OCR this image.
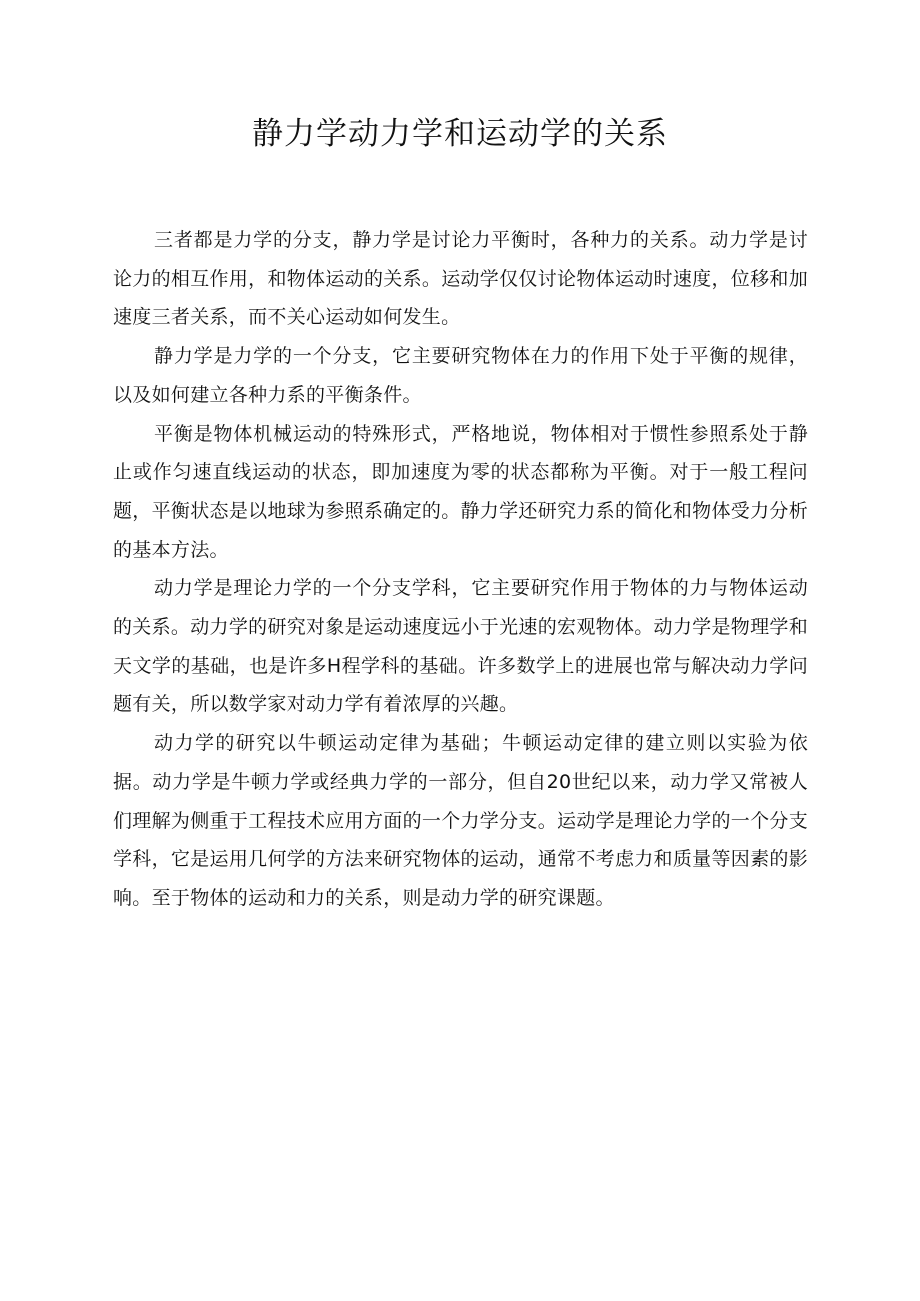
静力学动力学和运动学的关系

三者都是力学的分支，静力学是讨论力平衡时，各种力的关系。动力学是讨论力的相互作用，和物体运动的关系。运动学仅仅讨论物体运动时速度，位移和加速度三者关系，而不关心运动如何发生。

静力学是力学的一个分支，它主要研究物体在力的作用下处于平衡的规律，以及如何建立各种力系的平衡条件。

平衡是物体机械运动的特殊形式，严格地说，物体相对于惯性参照系处于静止或作匀速直线运动的状态，即加速度为零的状态都称为平衡。对于一般工程问题，平衡状态是以地球为参照系确定的。静力学还研究力系的简化和物体受力分析的基本方法。

动力学是理论力学的一个分支学科，它主要研究作用于物体的力与物体运动的关系。动力学的研究对象是运动速度远小于光速的宏观物体。动力学是物理学和天文学的基础，也是许多H程学科的基础。许多数学上的进展也常与解决动力学问题有关，所以数学家对动力学有着浓厚的兴趣。

动力学的研究以牛顿运动定律为基础；牛顿运动定律的建立则以实验为依据。动力学是牛顿力学或经典力学的一部分，但自20世纪以来，动力学又常被人们理解为侧重于工程技术应用方面的一个力学分支。运动学是理论力学的一个分支学科，它是运用几何学的方法来研究物体的运动，通常不考虑力和质量等因素的影响。至于物体的运动和力的关系，则是动力学的研究课题。
